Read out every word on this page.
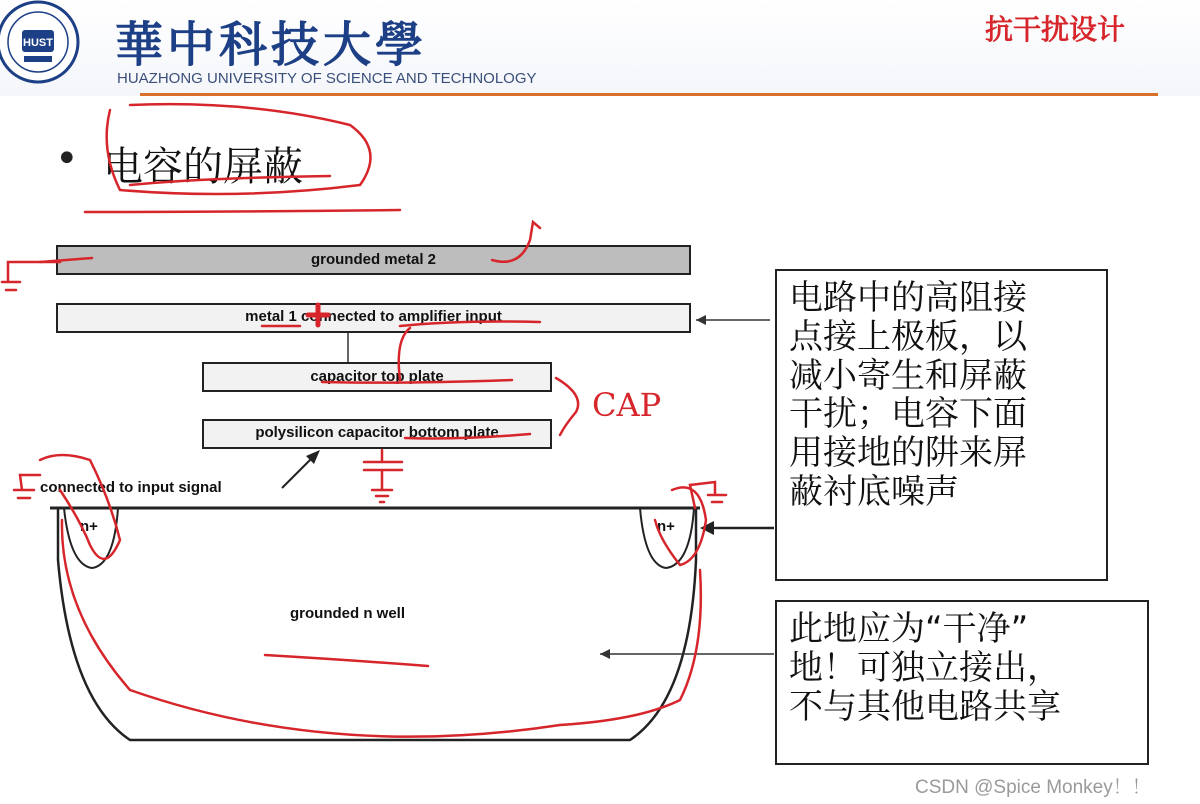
HUST 華中科技大學
HUAZHONG UNIVERSITY OF SCIENCE AND TECHNOLOGY
抗干扰设计
• 电容的屏蔽
grounded metal 2
metal 1 connected to amplifier input
capacitor top plate
polysilicon capacitor bottom plate
connected to input signal
n+	n+
grounded n well
CAP
电路中的高阻接
点接上极板，以
减小寄生和屏蔽
干扰；电容下面
用接地的阱来屏
蔽衬底噪声
此地应为“干净”
地！可独立接出，
不与其他电路共享
CSDN @Spice Monkey！！
